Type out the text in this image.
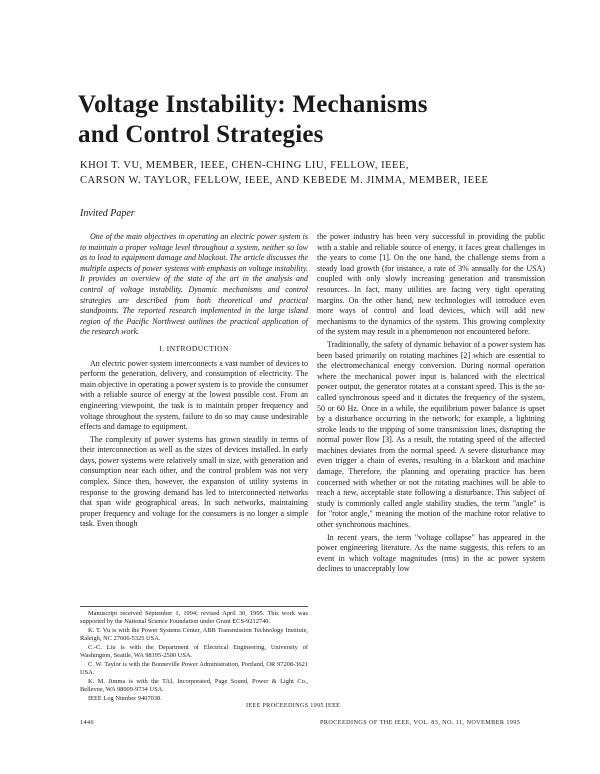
Voltage Instability: Mechanisms
and Control Strategies
KHOI T. VU, MEMBER, IEEE, CHEN-CHING LIU, FELLOW, IEEE,
CARSON W. TAYLOR, FELLOW, IEEE, AND KEBEDE M. JIMMA, MEMBER, IEEE
Invited Paper

One of the main objectives in operating an electric power system is to maintain a proper voltage level throughout a system, neither so low as to lead to equipment damage and blackout. The article discusses the multiple aspects of power systems with emphasis on voltage instability. It provides an overview of the state of the art in the analysis and control of voltage instability. Dynamic mechanisms and control strategies are described from both theoretical and practical standpoints. The reported research implemented in the large island region of the Pacific Northwest outlines the practical application of the research work.

I. INTRODUCTION

An electric power system interconnects a vast number of devices to perform the generation, delivery, and consumption of electricity. The main objective in operating a power system is to provide the consumer with a reliable source of energy at the lowest possible cost. From an engineering viewpoint, the task is to maintain proper frequency and voltage throughout the system, failure to do so may cause undesirable effects and damage to equipment.

The complexity of power systems has grown steadily in terms of their interconnection as well as the sizes of devices installed. In early days, power systems were relatively small in size, with generation and consumption near each other, and the control problem was not very complex. Since then, however, the expansion of utility systems in response to the growing demand has led to interconnected networks that span wide geographical areas. In such networks, maintaining proper frequency and voltage for the consumers is no longer a simple task. Even though

Manuscript received September 1, 1994; revised April 30, 1995. This work was supported by the National Science Foundation under Grant ECS-9212740.

K. T. Vu is with the Power Systems Center, ABB Transmission Technology Institute, Raleigh, NC 27606-5325 USA.

C.-C. Liu is with the Department of Electrical Engineering, University of Washington, Seattle, WA 98195-2500 USA.

C. W. Taylor is with the Bonneville Power Administration, Portland, OR 97208-3621 USA.

K. M. Jimma is with the TAI, Incorporated, Page Sound, Power & Light Co., Bellevue, WA 98009-9734 USA.

IEEE Log Number 9407038.

the power industry has been very successful in providing the public with a stable and reliable source of energy, it faces great challenges in the years to come [1]. On the one hand, the challenge stems from a steady load growth (for instance, a rate of 3% annually for the USA) coupled with only slowly increasing generation and transmission resources. In fact, many utilities are facing very tight operating margins. On the other hand, new technologies will introduce even more ways of control and load devices, which will add new mechanisms to the dynamics of the system. This growing complexity of the system may result in a phenomenon not encountered before.

Traditionally, the safety of dynamic behavior of a power system has been based primarily on rotating machines [2] which are essential to the electromechanical energy conversion. During normal operation where the mechanical power input is balanced with the electrical power output, the generator rotates at a constant speed. This is the so-called synchronous speed and it dictates the frequency of the system, 50 or 60 Hz. Once in a while, the equilibrium power balance is upset by a disturbance occurring in the network; for example, a lightning stroke leads to the tripping of some transmission lines, disrupting the normal power flow [3]. As a result, the rotating speed of the affected machines deviates from the normal speed. A severe disturbance may even trigger a chain of events, resulting in a blackout and machine damage. Therefore, the planning and operating practice has been concerned with whether or not the rotating machines will be able to reach a new, acceptable state following a disturbance. This subject of study is commonly called angle stability studies, the term "angle" is for "rotor angle," meaning the motion of the machine rotor relative to other synchronous machines.

In recent years, the term "voltage collapse" has appeared in the power engineering literature. As the name suggests, this refers to an event in which voltage magnitudes (rms) in the ac power system declines to unacceptably low

IEEE PROCEEDINGS 1995 IEEE
1446	PROCEEDINGS OF THE IEEE, VOL. 83, NO. 11, NOVEMBER 1995
